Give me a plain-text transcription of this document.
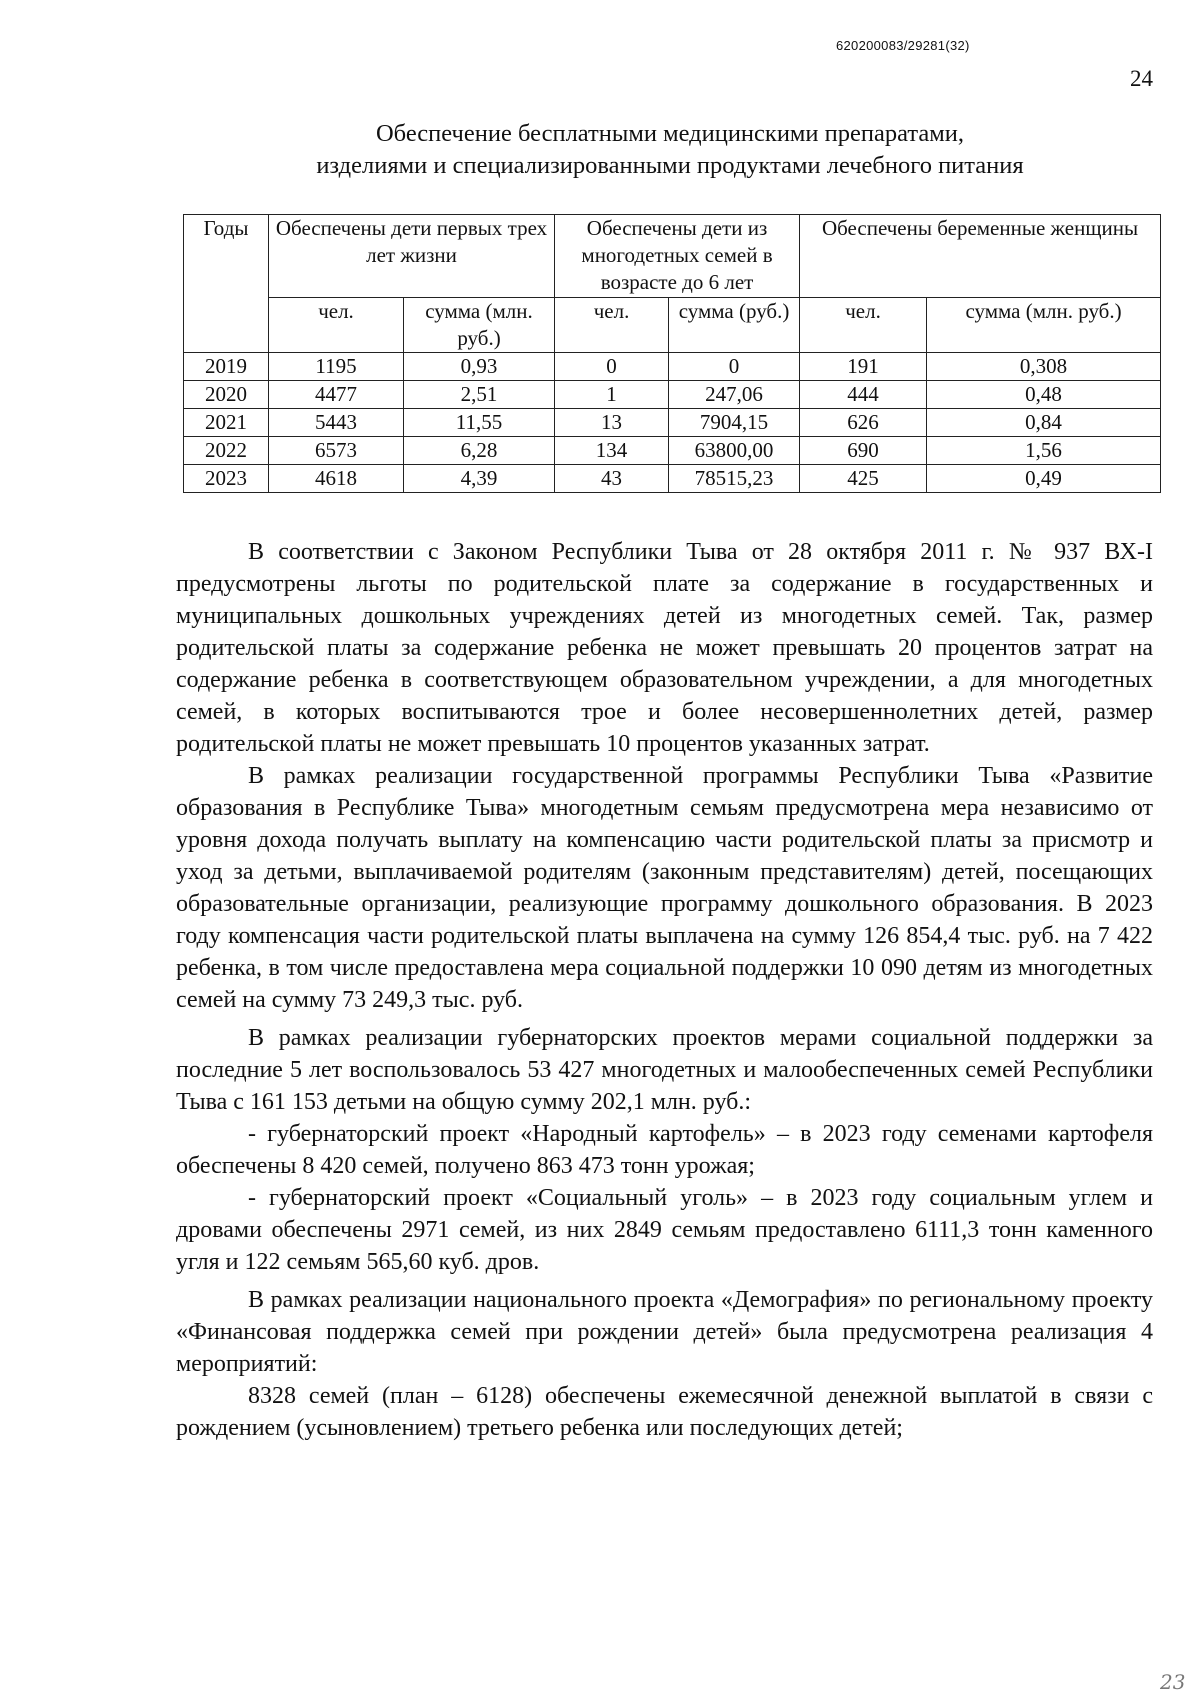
620200083/29281(32)
24
Обеспечение бесплатными медицинскими препаратами,
изделиями и специализированными продуктами лечебного питания
Годы	Обеспечены дети первых трех лет жизни		Обеспечены дети из многодетных семей в возрасте до 6 лет		Обеспечены беременные женщины	
	чел.	сумма (млн. руб.)	чел.	сумма (руб.)	чел.	сумма (млн. руб.)
2019	1195	0,93	0	0	191	0,308
2020	4477	2,51	1	247,06	444	0,48
2021	5443	11,55	13	7904,15	626	0,84
2022	6573	6,28	134	63800,00	690	1,56
2023	4618	4,39	43	78515,23	425	0,49

В соответствии с Законом Республики Тыва от 28 октября 2011 г. № 937 ВХ-I предусмотрены льготы по родительской плате за содержание в государственных и муниципальных дошкольных учреждениях детей из многодетных семей. Так, размер родительской платы за содержание ребенка не может превышать 20 процентов затрат на содержание ребенка в соответствующем образовательном учреждении, а для многодетных семей, в которых воспитываются трое и более несовершеннолетних детей, размер родительской платы не может превышать 10 процентов указанных затрат.

В рамках реализации государственной программы Республики Тыва «Развитие образования в Республике Тыва» многодетным семьям предусмотрена мера независимо от уровня дохода получать выплату на компенсацию части родительской платы за присмотр и уход за детьми, выплачиваемой родителям (законным представителям) детей, посещающих образовательные организации, реализующие программу дошкольного образования. В 2023 году компенсация части родительской платы выплачена на сумму 126 854,4 тыс. руб. на 7 422 ребенка, в том числе предоставлена мера социальной поддержки 10 090 детям из многодетных семей на сумму 73 249,3 тыс. руб.

В рамках реализации губернаторских проектов мерами социальной поддержки за последние 5 лет воспользовалось 53 427 многодетных и малообеспеченных семей Республики Тыва с 161 153 детьми на общую сумму 202,1 млн. руб.:

- губернаторский проект «Народный картофель» – в 2023 году семенами картофеля обеспечены 8 420 семей, получено 863 473 тонн урожая;

- губернаторский проект «Социальный уголь» – в 2023 году социальным углем и дровами обеспечены 2971 семей, из них 2849 семьям предоставлено 6111,3 тонн каменного угля и 122 семьям 565,60 куб. дров.

В рамках реализации национального проекта «Демография» по региональному проекту «Финансовая поддержка семей при рождении детей» была предусмотрена реализация 4 мероприятий:

8328 семей (план – 6128) обеспечены ежемесячной денежной выплатой в связи с рождением (усыновлением) третьего ребенка или последующих детей;

23
